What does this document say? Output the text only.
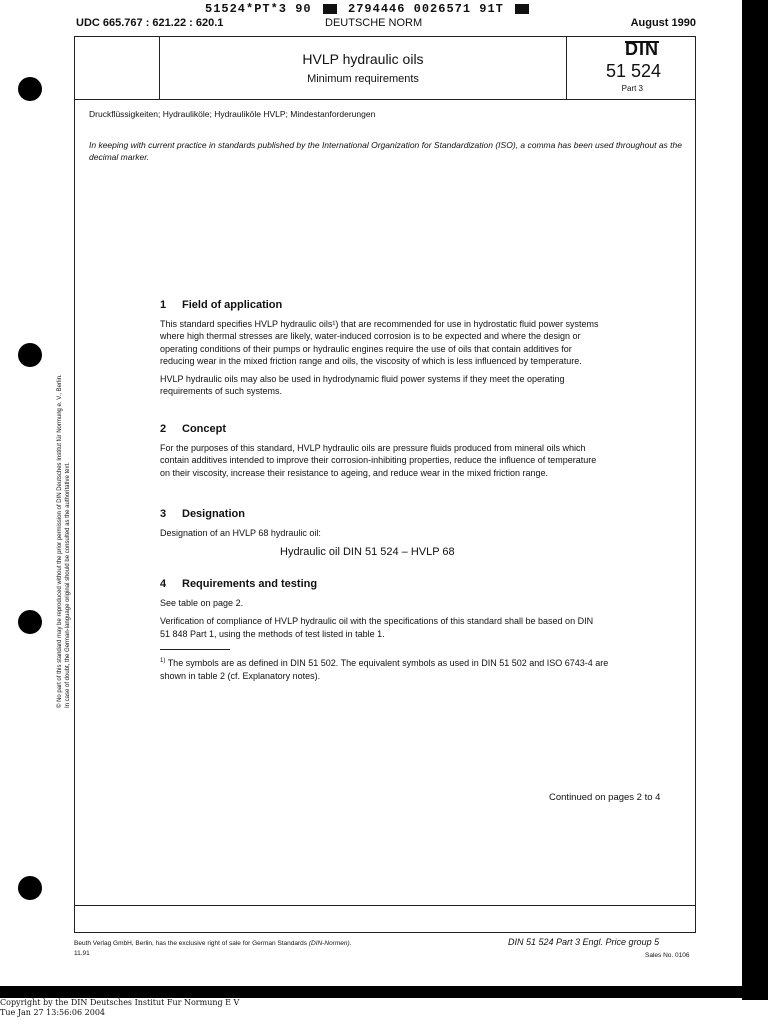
51524*PT*3 90	2794446 0026571 91T
UDC 665.767 : 621.22 : 620.1	DEUTSCHE NORM	August 1990
© No part of this standard may be reproduced without the prior permission of DIN Deutsches Institut für Normung e. V., Berlin. In case of doubt, the German-language original should be consulted as the authoritative text.
HVLP hydraulic oils
Minimum requirements
DIN
51 524
Part 3
Druckflüssigkeiten; Hydrauliköle; Hydrauliköle HVLP; Mindestanforderungen
In keeping with current practice in standards published by the International Organization for Standardization (ISO), a comma has been used throughout as the decimal marker.
1 Field of application

This standard specifies HVLP hydraulic oils¹) that are recommended for use in hydrostatic fluid power systems where high thermal stresses are likely, water-induced corrosion is to be expected and where the design or operating conditions of their pumps or hydraulic engines require the use of oils that contain additives for reducing wear in the mixed friction range and oils, the viscosity of which is less influenced by temperature.

HVLP hydraulic oils may also be used in hydrodynamic fluid power systems if they meet the operating requirements of such systems.

2 Concept

For the purposes of this standard, HVLP hydraulic oils are pressure fluids produced from mineral oils which contain additives intended to improve their corrosion-inhibiting properties, reduce the influence of temperature on their viscosity, increase their resistance to ageing, and reduce wear in the mixed friction range.

3 Designation

Designation of an HVLP 68 hydraulic oil:

Hydraulic oil DIN 51 524 – HVLP 68
4 Requirements and testing

See table on page 2.

Verification of compliance of HVLP hydraulic oil with the specifications of this standard shall be based on DIN 51 848 Part 1, using the methods of test listed in table 1.

$^{1)}$ The symbols are as defined in DIN 51 502. The equivalent symbols as used in DIN 51 502 and ISO 6743-4 are shown in table 2 (cf. Explanatory notes).
Continued on pages 2 to 4
Beuth Verlag GmbH, Berlin, has the exclusive right of sale for German Standards (DIN-Normen).
11.91
DIN 51 524 Part 3 Engl. Price group 5
Sales No. 0106
Copyright by the DIN Deutsches Institut Fur Normung E V
Tue Jan 27 13:56:06 2004
